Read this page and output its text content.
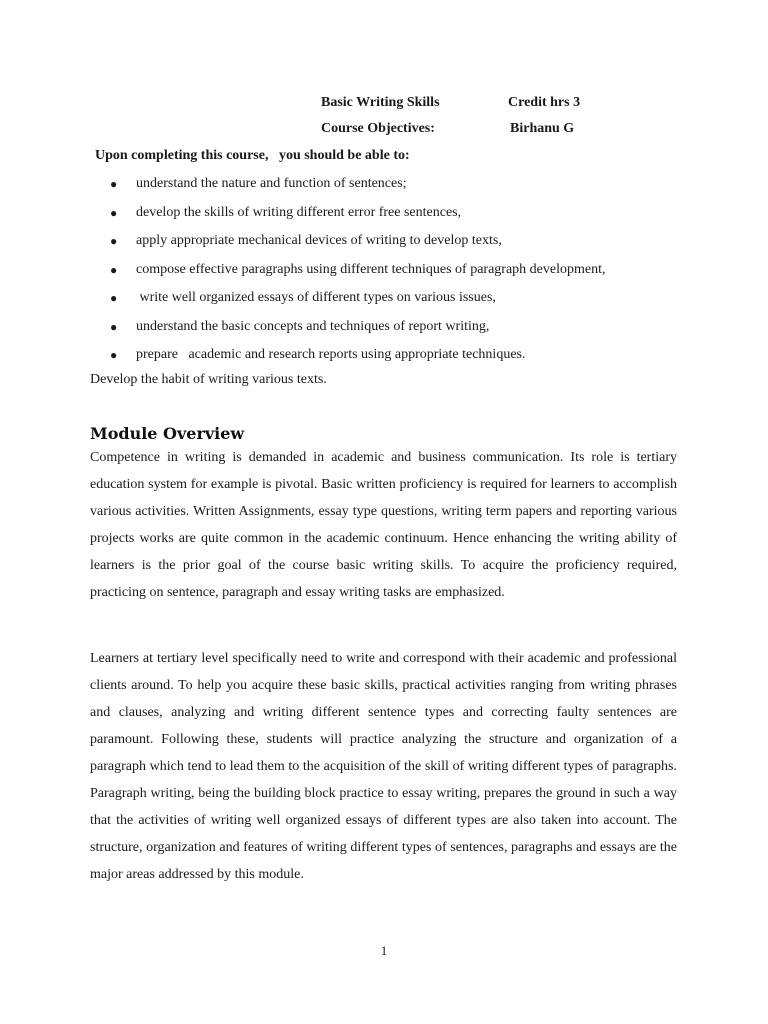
Basic Writing Skills	Credit hrs 3
Course Objectives:	Birhanu G
Upon completing this course,   you should be able to:
● understand the nature and function of sentences;
● develop the skills of writing different error free sentences,
● apply appropriate mechanical devices of writing to develop texts,
● compose effective paragraphs using different techniques of paragraph development,
● write well organized essays of different types on various issues,
● understand the basic concepts and techniques of report writing,
● prepare   academic and research reports using appropriate techniques.
Develop the habit of writing various texts.
Module Overview

Competence in writing is demanded in academic and business communication. Its role is tertiary education system for example is pivotal. Basic written proficiency is required for learners to accomplish various activities. Written Assignments, essay type questions, writing term papers and reporting various projects works are quite common in the academic continuum. Hence enhancing the writing ability of learners is the prior goal of the course basic writing skills. To acquire the proficiency required, practicing on sentence, paragraph and essay writing tasks are emphasized.

Learners at tertiary level specifically need to write and correspond with their academic and professional clients around. To help you acquire these basic skills, practical activities ranging from writing phrases and clauses, analyzing and writing different sentence types and correcting faulty sentences are paramount. Following these, students will practice analyzing the structure and organization of a paragraph which tend to lead them to the acquisition of the skill of writing different types of paragraphs. Paragraph writing, being the building block practice to essay writing, prepares the ground in such a way that the activities of writing well organized essays of different types are also taken into account. The structure, organization and features of writing different types of sentences, paragraphs and essays are the major areas addressed by this module.

1
